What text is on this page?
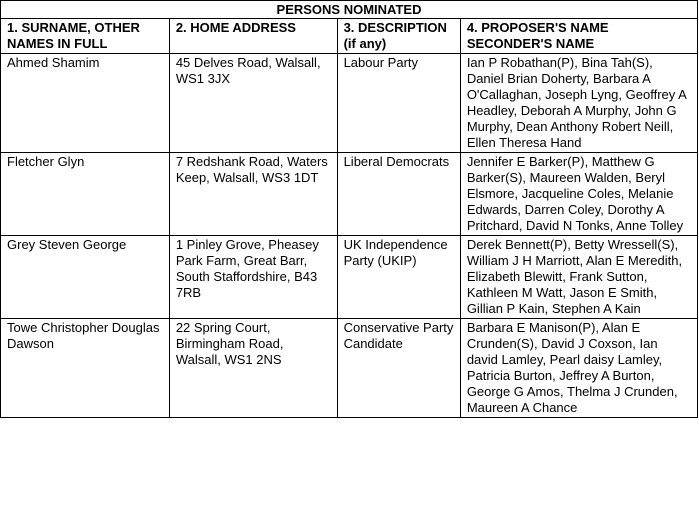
PERSONS NOMINATED			
1. SURNAME, OTHER NAMES IN FULL	2. HOME ADDRESS	3. DESCRIPTION (if any)	4. PROPOSER'S NAME SECONDER'S NAME
Ahmed Shamim	45 Delves Road, Walsall, WS1 3JX	Labour Party	Ian P Robathan(P), Bina Tah(S), Daniel Brian Doherty, Barbara A O'Callaghan, Joseph Lyng, Geoffrey A Headley, Deborah A Murphy, John G Murphy, Dean Anthony Robert Neill, Ellen Theresa Hand
Fletcher Glyn	7 Redshank Road, Waters Keep, Walsall, WS3 1DT	Liberal Democrats	Jennifer E Barker(P), Matthew G Barker(S), Maureen Walden, Beryl Elsmore, Jacqueline Coles, Melanie Edwards, Darren Coley, Dorothy A Pritchard, David N Tonks, Anne Tolley
Grey Steven George	1 Pinley Grove, Pheasey Park Farm, Great Barr, South Staffordshire, B43 7RB	UK Independence Party (UKIP)	Derek Bennett(P), Betty Wressell(S), William J H Marriott, Alan E Meredith, Elizabeth Blewitt, Frank Sutton, Kathleen M Watt, Jason E Smith, Gillian P Kain, Stephen A Kain
Towe Christopher Douglas Dawson	22 Spring Court, Birmingham Road, Walsall, WS1 2NS	Conservative Party Candidate	Barbara E Manison(P), Alan E Crunden(S), David J Coxson, Ian david Lamley, Pearl daisy Lamley, Patricia Burton, Jeffrey A Burton, George G Amos, Thelma J Crunden, Maureen A Chance
